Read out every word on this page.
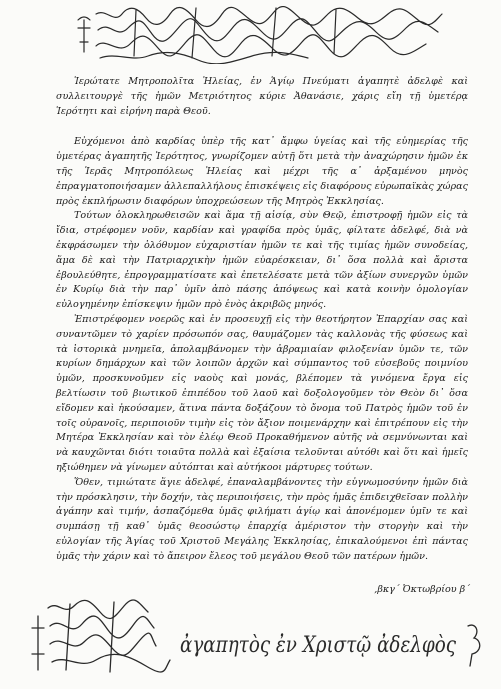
Ἱερώτατε Μητροπολῖτα Ἠλείας, ἐν Ἁγίῳ Πνεύματι ἀγαπητὲ ἀδελφὲ καὶ συλλειτουργὲ τῆς ἡμῶν Μετριότητος κύριε Ἀθανάσιε, χάρις εἴη τῇ ὑμετέρᾳ Ἱερότητι καὶ εἰρήνη παρὰ Θεοῦ.

Εὐχόμενοι ἀπὸ καρδίας ὑπὲρ τῆς κατ᾽ ἄμφω ὑγείας καὶ τῆς εὐημερίας τῆς ὑμετέρας ἀγαπητῆς Ἱερότητος, γνωρίζομεν αὐτῇ ὅτι μετὰ τὴν ἀναχώρησιν ἡμῶν ἐκ τῆς Ἱερᾶς Μητροπόλεως Ἠλείας καὶ μέχρι τῆς α᾽ ἀρξαμένου μηνὸς ἐπραγματοποιήσαμεν ἀλλεπαλλήλους ἐπισκέψεις εἰς διαφόρους εὐρωπαϊκὰς χώρας πρὸς ἐκπλήρωσιν διαφόρων ὑποχρεώσεων τῆς Μητρὸς Ἐκκλησίας.

Τούτων ὁλοκληρωθεισῶν καὶ ἅμα τῇ αἰσίᾳ, σὺν Θεῷ, ἐπιστροφῇ ἡμῶν εἰς τὰ ἴδια, στρέφομεν νοῦν, καρδίαν καὶ γραφίδα πρὸς ὑμᾶς, φίλτατε ἀδελφέ, διὰ νὰ ἐκφράσωμεν τὴν ὁλόθυμον εὐχαριστίαν ἡμῶν τε καὶ τῆς τιμίας ἡμῶν συνοδείας, ἅμα δὲ καὶ τὴν Πατριαρχικὴν ἡμῶν εὐαρέσκειαν, δι᾽ ὅσα πολλὰ καὶ ἄριστα ἐβουλεύθητε, ἐπρογραμματίσατε καὶ ἐπετελέσατε μετὰ τῶν ἀξίων συνεργῶν ὑμῶν ἐν Κυρίῳ διὰ τὴν παρ᾽ ὑμῖν ἀπὸ πάσης ἀπόψεως καὶ κατὰ κοινὴν ὁμολογίαν εὐλογημένην ἐπίσκεψιν ἡμῶν πρὸ ἑνὸς ἀκριβῶς μηνός.

Ἐπιστρέφομεν νοερῶς καὶ ἐν προσευχῇ εἰς τὴν θεοτήρητον Ἐπαρχίαν σας καὶ συναντῶμεν τὸ χαρίεν πρόσωπόν σας, θαυμάζομεν τὰς καλλονὰς τῆς φύσεως καὶ τὰ ἱστορικὰ μνημεῖα, ἀπολαμβάνομεν τὴν ἀβραμιαίαν φιλοξενίαν ὑμῶν τε, τῶν κυρίων δημάρχων καὶ τῶν λοιπῶν ἀρχῶν καὶ σύμπαντος τοῦ εὐσεβοῦς ποιμνίου ὑμῶν, προσκυνοῦμεν εἰς ναοὺς καὶ μονάς, βλέπομεν τὰ γινόμενα ἔργα εἰς βελτίωσιν τοῦ βιωτικοῦ ἐπιπέδου τοῦ λαοῦ καὶ δοξολογοῦμεν τὸν Θεὸν δι᾽ ὅσα εἴδομεν καὶ ἠκούσαμεν, ἅτινα πάντα δοξάζουν τὸ ὄνομα τοῦ Πατρὸς ἡμῶν τοῦ ἐν τοῖς οὐρανοῖς, περιποιοῦν τιμὴν εἰς τὸν ἄξιον ποιμενάρχην καὶ ἐπιτρέπουν εἰς τὴν Μητέρα Ἐκκλησίαν καὶ τὸν ἐλέῳ Θεοῦ Προκαθήμενον αὐτῆς νὰ σεμνύνωνται καὶ νὰ καυχῶνται διότι τοιαῦτα πολλὰ καὶ ἐξαίσια τελοῦνται αὐτόθι καὶ ὅτι καὶ ἡμεῖς ηξιώθημεν νὰ γίνωμεν αὐτόπται καὶ αὐτήκοοι μάρτυρες τούτων.

Ὅθεν, τιμιώτατε ἅγιε ἀδελφέ, ἐπαναλαμβάνοντες τὴν εὐγνωμοσύνην ἡμῶν διὰ τὴν πρόσκλησιν, τὴν δοχήν, τὰς περιποιήσεις, τὴν πρὸς ἡμᾶς ἐπιδειχθεῖσαν πολλὴν ἀγάπην καὶ τιμήν, ἀσπαζόμεθα ὑμᾶς φιλήματι ἁγίῳ καὶ ἀπονέμομεν ὑμῖν τε καὶ συμπάσῃ τῇ καθ᾽ ὑμᾶς θεοσώστῳ ἐπαρχίᾳ ἀμέριστον τὴν στοργὴν καὶ τὴν εὐλογίαν τῆς Ἁγίας τοῦ Χριστοῦ Μεγάλης Ἐκκλησίας, ἐπικαλούμενοι ἐπὶ πάντας ὑμᾶς τὴν χάριν καὶ τὸ ἄπειρον ἔλεος τοῦ μεγάλου Θεοῦ τῶν πατέρων ἡμῶν.

,βκγ´ Ὀκτωβρίου β´
ἀγαπητὸς ἐν Χριστῷ ἀδελφὸς
